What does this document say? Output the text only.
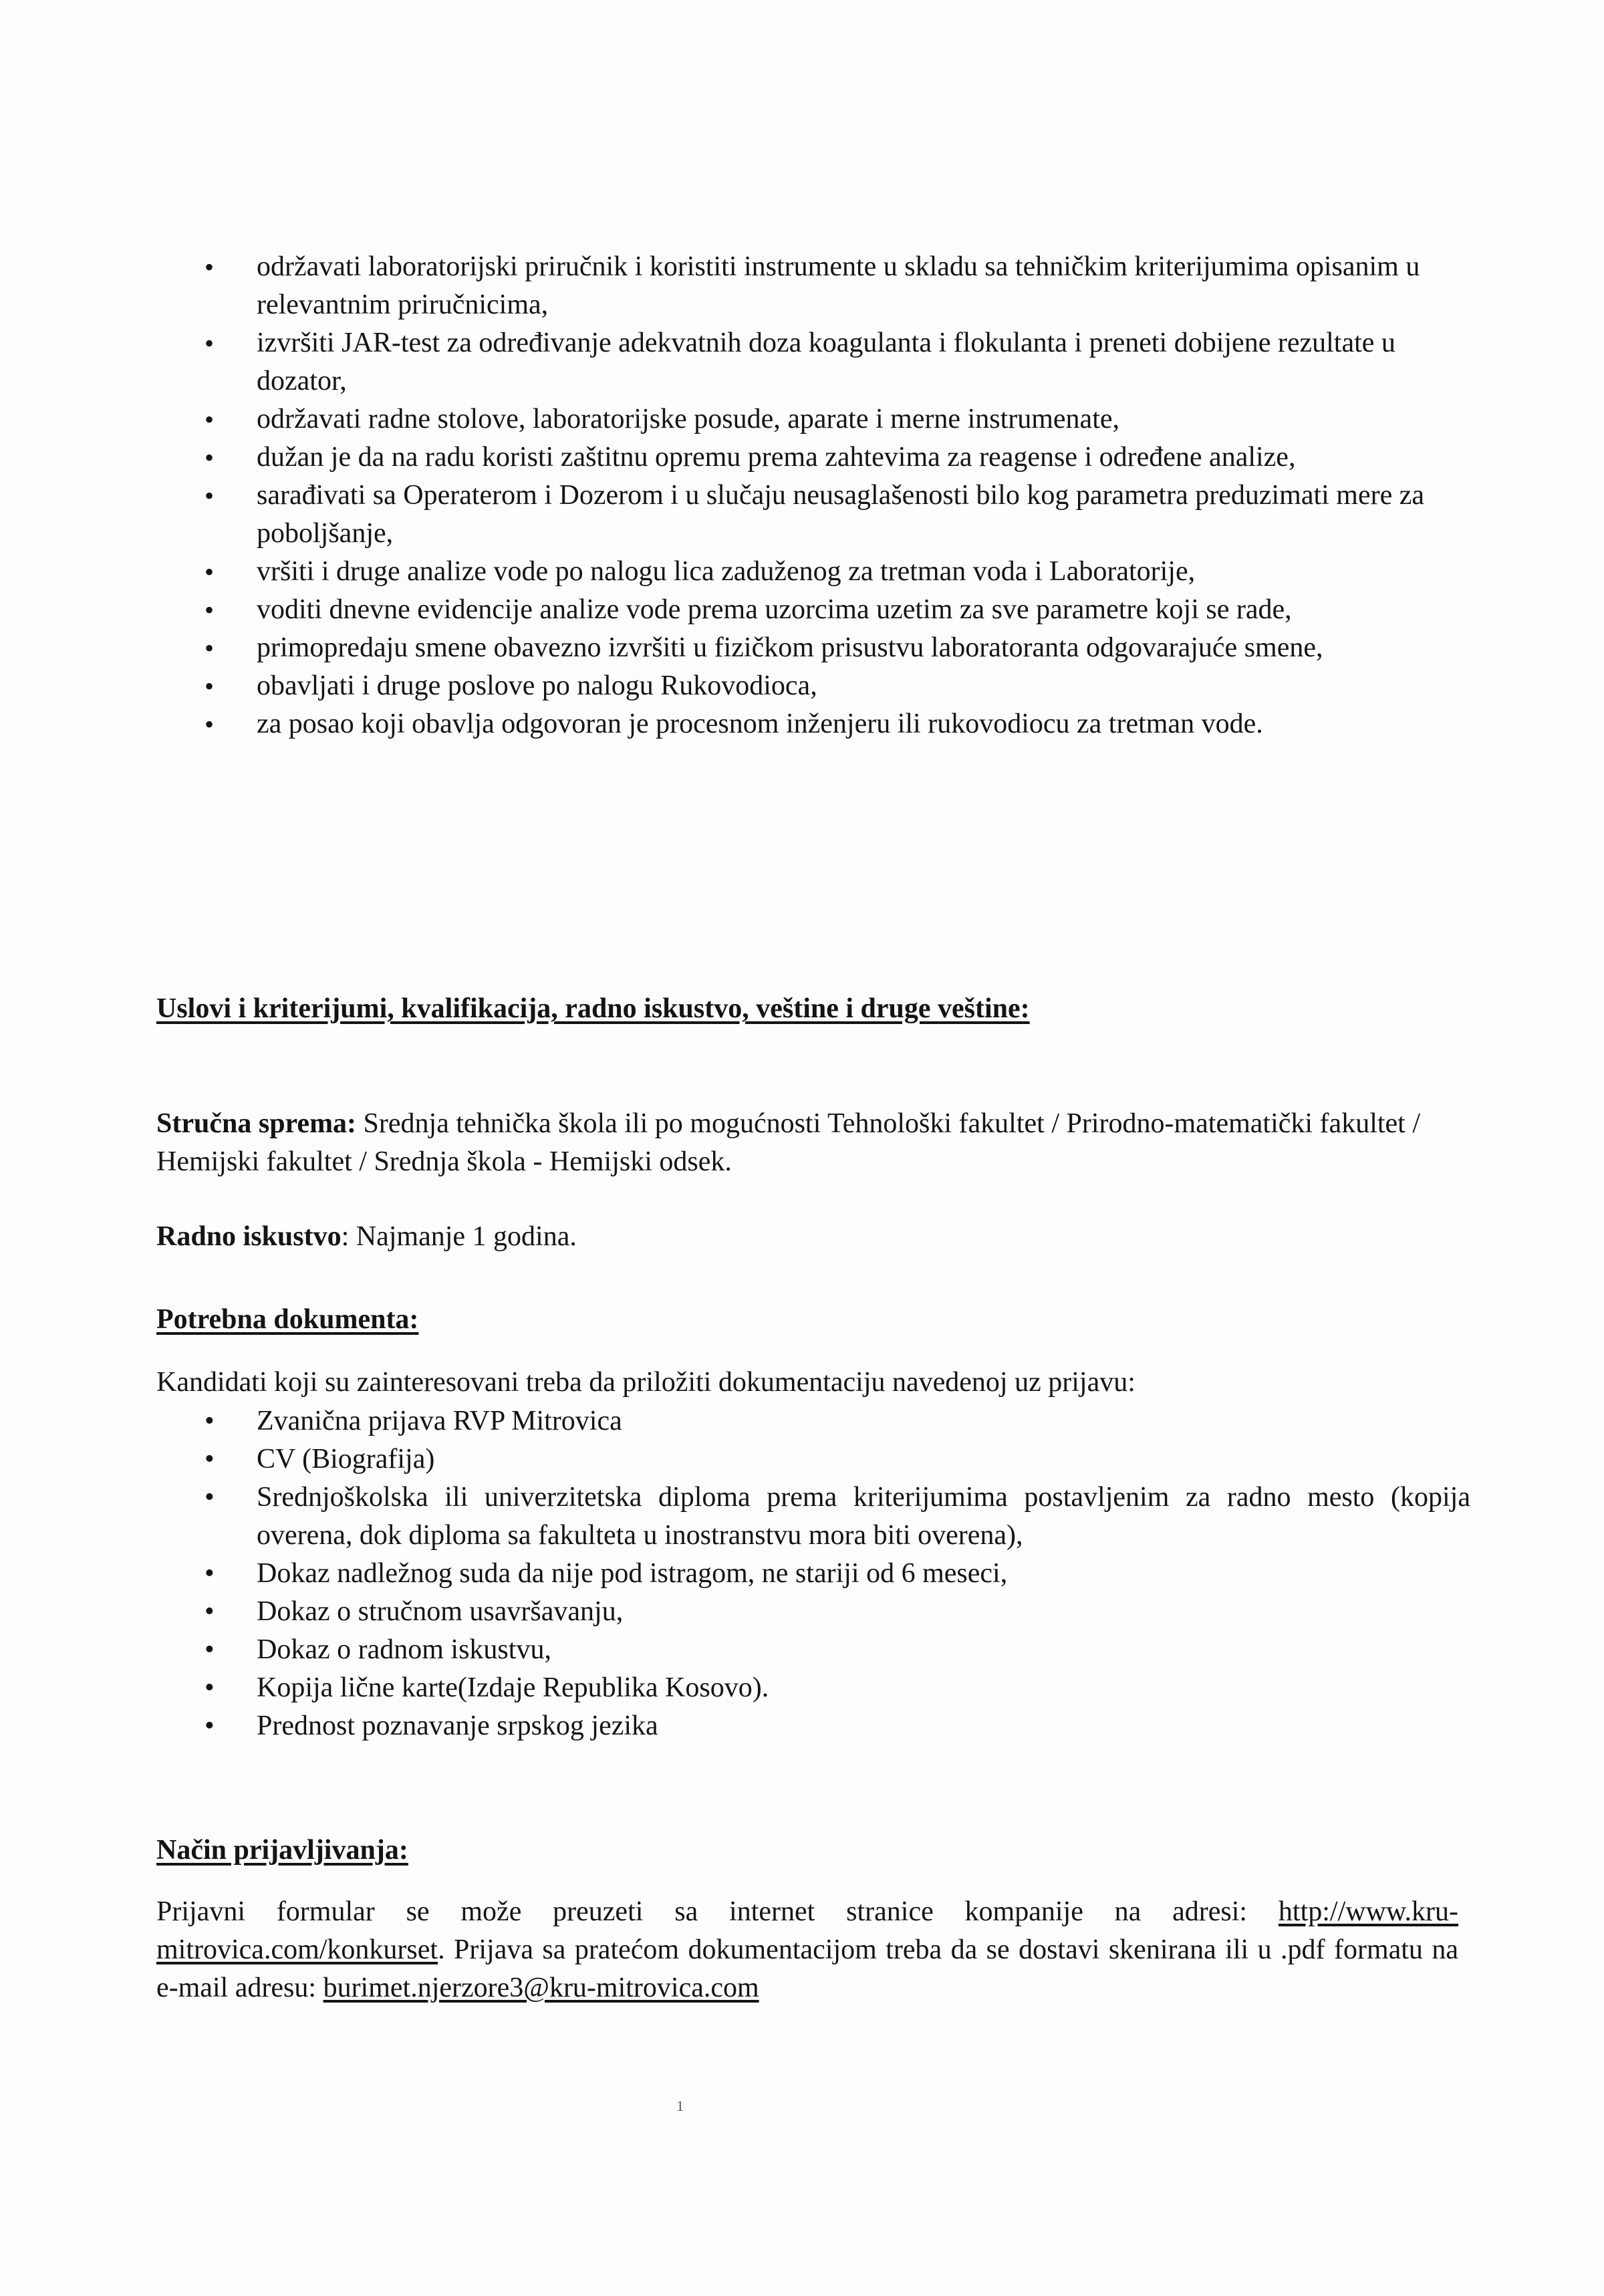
• održavati laboratorijski priručnik i koristiti instrumente u skladu sa tehničkim kriterijumima opisanim u relevantnim priručnicima,
• izvršiti JAR-test za određivanje adekvatnih doza koagulanta i flokulanta i preneti dobijene rezultate u dozator,
• održavati radne stolove, laboratorijske posude, aparate i merne instrumenate,
• dužan je da na radu koristi zaštitnu opremu prema zahtevima za reagense i određene analize,
• sarađivati sa Operaterom i Dozerom i u slučaju neusaglašenosti bilo kog parametra preduzimati mere za poboljšanje,
• vršiti i druge analize vode po nalogu lica zaduženog za tretman voda i Laboratorije,
• voditi dnevne evidencije analize vode prema uzorcima uzetim za sve parametre koji se rade,
• primopredaju smene obavezno izvršiti u fizičkom prisustvu laboratoranta odgovarajuće smene,
• obavljati i druge poslove po nalogu Rukovodioca,
• za posao koji obavlja odgovoran je procesnom inženjeru ili rukovodiocu za tretman vode.

Uslovi i kriterijumi, kvalifikacija, radno iskustvo, veštine i druge veštine:

Stručna sprema: Srednja tehnička škola ili po mogućnosti Tehnološki fakultet / Prirodno-matematički fakultet / Hemijski fakultet / Srednja škola - Hemijski odsek.

Radno iskustvo: Najmanje 1 godina.

Potrebna dokumenta:

Kandidati koji su zainteresovani treba da priložiti dokumentaciju navedenoj uz prijavu:

• Zvanična prijava RVP Mitrovica
• CV (Biografija)
• Srednjoškolska ili univerzitetska diploma prema kriterijumima postavljenim za radno mesto (kopija overena, dok diploma sa fakulteta u inostranstvu mora biti overena),
• Dokaz nadležnog suda da nije pod istragom, ne stariji od 6 meseci,
• Dokaz o stručnom usavršavanju,
• Dokaz o radnom iskustvu,
• Kopija lične karte(Izdaje Republika Kosovo).
• Prednost poznavanje srpskog jezika

Način prijavljivanja:

Prijavni formular se može preuzeti sa internet stranice kompanije na adresi: http://www.kru-mitrovica.com/konkurset. Prijava sa pratećom dokumentacijom treba da se dostavi skenirana ili u .pdf formatu na e-mail adresu: burimet.njerzore3@kru-mitrovica.com

1
